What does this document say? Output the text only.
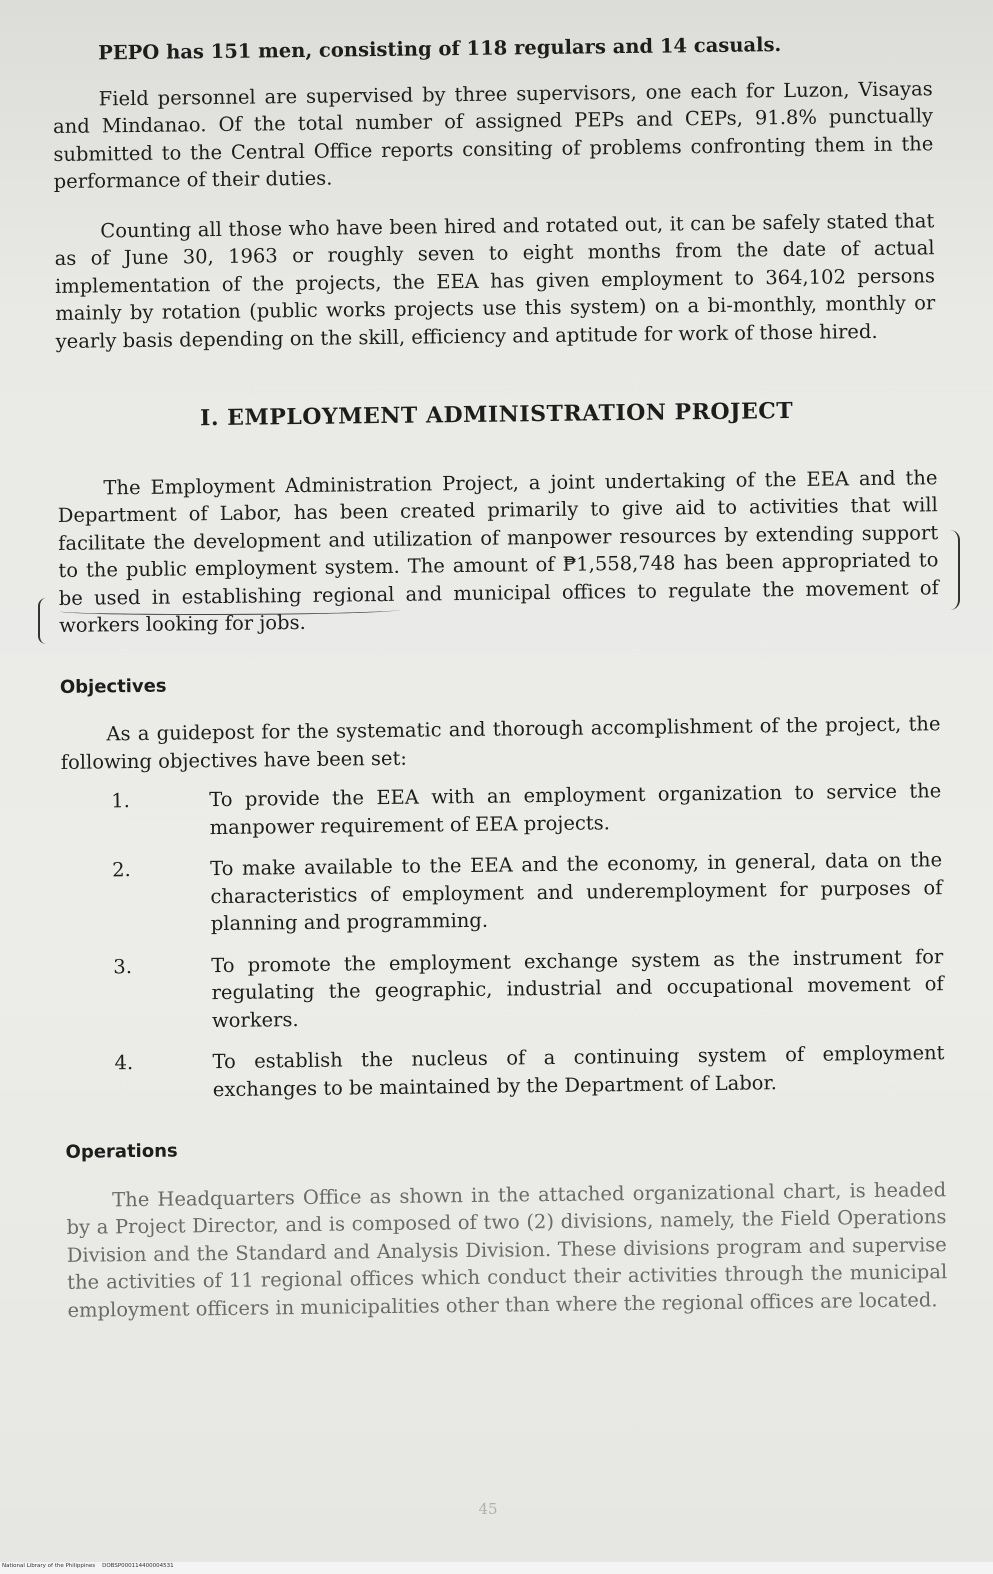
PEPO has 151 men, consisting of 118 regulars and 14 casuals.

Field personnel are supervised by three supervisors, one each for Luzon, Visayas and Mindanao. Of the total number of assigned PEPs and CEPs, 91.8% punctually submitted to the Central Office reports consiting of problems confronting them in the performance of their duties.

Counting all those who have been hired and rotated out, it can be safely stated that as of June 30, 1963 or roughly seven to eight months from the date of actual implementation of the projects, the EEA has given employment to 364,102 persons mainly by rotation (public works projects use this system) on a bi-monthly, monthly or yearly basis depending on the skill, efficiency and aptitude for work of those hired.

I. EMPLOYMENT ADMINISTRATION PROJECT

The Employment Administration Project, a joint undertaking of the EEA and the Department of Labor, has been created primarily to give aid to activities that will facilitate the development and utilization of manpower resources by extending support to the public employment system. The amount of ₱1,558,748 has been appropriated to be used in establishing regional and municipal offices to regulate the movement of workers looking for jobs.

Objectives

As a guidepost for the systematic and thorough accomplishment of the project, the following objectives have been set:

1.	To provide the EEA with an employment organization to service the manpower requirement of EEA projects.
2.	To make available to the EEA and the economy, in general, data on the characteristics of employment and underemployment for purposes of planning and programming.
3.	To promote the employment exchange system as the instrument for regulating the geographic, industrial and occupational movement of workers.
4.	To establish the nucleus of a continuing system of employment exchanges to be maintained by the Department of Labor.
Operations

The Headquarters Office as shown in the attached organizational chart, is headed by a Project Director, and is composed of two (2) divisions, namely, the Field Operations Division and the Standard and Analysis Division. These divisions program and supervise the activities of 11 regional offices which conduct their activities through the municipal employment officers in municipalities other than where the regional offices are located.

45
National Library of the Philippines DOBSP000114400004531
